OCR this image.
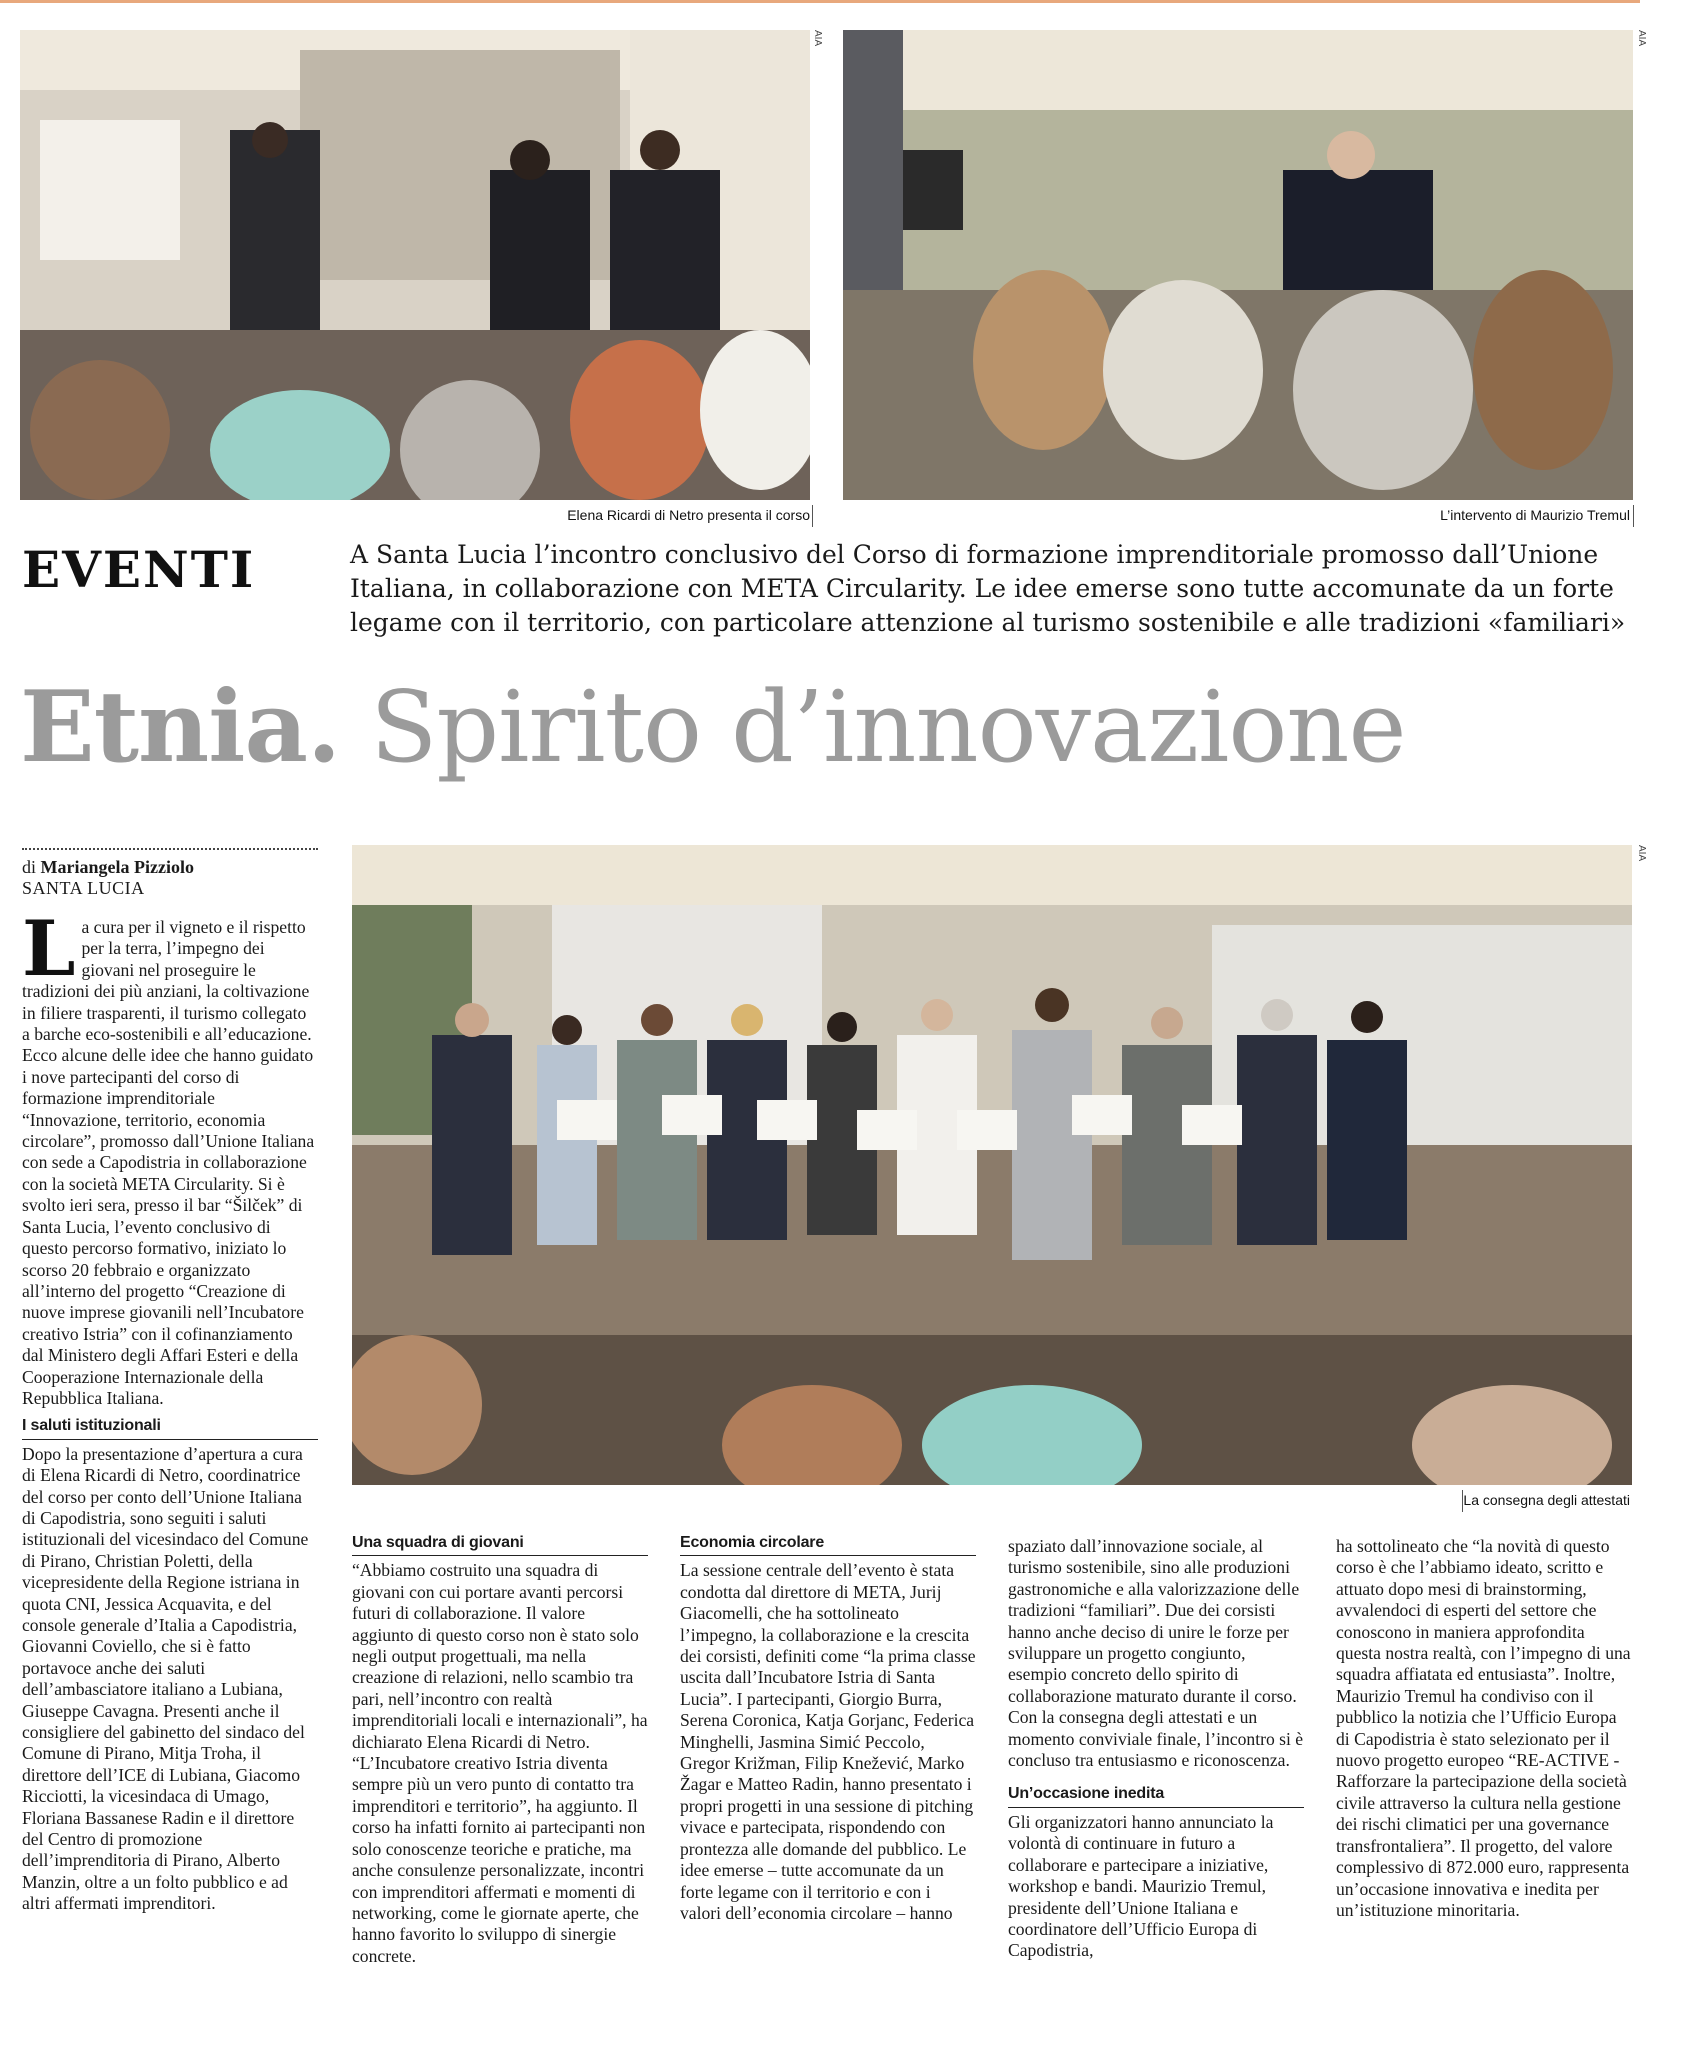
AIA
Elena Ricardi di Netro presenta il corso
AIA
L’intervento di Maurizio Tremul
EVENTI	A Santa Lucia l’incontro conclusivo del Corso di formazione imprenditoriale promosso dall’Unione Italiana, in collaborazione con META Circularity. Le idee emerse sono tutte accomunate da un forte legame con il territorio, con particolare attenzione al turismo sostenibile e alle tradizioni «familiari»
Etnia. Spirito d’innovazione
di Mariangela Pizziolo
SANTA LUCIA
AIA
La consegna degli attestati

La cura per il vigneto e il rispetto per la terra, l’impegno dei giovani nel proseguire le tradizioni dei più anziani, la coltivazione in filiere trasparenti, il turismo collegato a barche eco-sostenibili e all’educazione. Ecco alcune delle idee che hanno guidato i nove partecipanti del corso di formazione imprenditoriale “Innovazione, territorio, economia circolare”, promosso dall’Unione Italiana con sede a Capodistria in collaborazione con la società META Circularity. Si è svolto ieri sera, presso il bar “Šilček” di Santa Lucia, l’evento conclusivo di questo percorso formativo, iniziato lo scorso 20 febbraio e organizzato all’interno del progetto “Creazione di nuove imprese giovanili nell’Incubatore creativo Istria” con il cofinanziamento dal Ministero degli Affari Esteri e della Cooperazione Internazionale della Repubblica Italiana.

I saluti istituzionali

Dopo la presentazione d’apertura a cura di Elena Ricardi di Netro, coordinatrice del corso per conto dell’Unione Italiana di Capodistria, sono seguiti i saluti istituzionali del vicesindaco del Comune di Pirano, Christian Poletti, della vicepresidente della Regione istriana in quota CNI, Jessica Acquavita, e del console generale d’Italia a Capodistria, Giovanni Coviello, che si è fatto portavoce anche dei saluti dell’ambasciatore italiano a Lubiana, Giuseppe Cavagna. Presenti anche il consigliere del gabinetto del sindaco del Comune di Pirano, Mitja Troha, il direttore dell’ICE di Lubiana, Giacomo Ricciotti, la vicesindaca di Umago, Floriana Bassanese Radin e il direttore del Centro di promozione dell’imprenditoria di Pirano, Alberto Manzin, oltre a un folto pubblico e ad altri affermati imprenditori.

Una squadra di giovani

“Abbiamo costruito una squadra di giovani con cui portare avanti percorsi futuri di collaborazione. Il valore aggiunto di questo corso non è stato solo negli output progettuali, ma nella creazione di relazioni, nello scambio tra pari, nell’incontro con realtà imprenditoriali locali e internazionali”, ha dichiarato Elena Ricardi di Netro. “L’Incubatore creativo Istria diventa sempre più un vero punto di contatto tra imprenditori e territorio”, ha aggiunto. Il corso ha infatti fornito ai partecipanti non solo conoscenze teoriche e pratiche, ma anche consulenze personalizzate, incontri con imprenditori affermati e momenti di networking, come le giornate aperte, che hanno favorito lo sviluppo di sinergie concrete.

Economia circolare

La sessione centrale dell’evento è stata condotta dal direttore di META, Jurij Giacomelli, che ha sottolineato l’impegno, la collaborazione e la crescita dei corsisti, definiti come “la prima classe uscita dall’Incubatore Istria di Santa Lucia”. I partecipanti, Giorgio Burra, Serena Coronica, Katja Gorjanc, Federica Minghelli, Jasmina Simić Peccolo, Gregor Križman, Filip Knežević, Marko Žagar e Matteo Radin, hanno presentato i propri progetti in una sessione di pitching vivace e partecipata, rispondendo con prontezza alle domande del pubblico. Le idee emerse – tutte accomunate da un forte legame con il territorio e con i valori dell’economia circolare – hanno

spaziato dall’innovazione sociale, al turismo sostenibile, sino alle produzioni gastronomiche e alla valorizzazione delle tradizioni “familiari”. Due dei corsisti hanno anche deciso di unire le forze per sviluppare un progetto congiunto, esempio concreto dello spirito di collaborazione maturato durante il corso. Con la consegna degli attestati e un momento conviviale finale, l’incontro si è concluso tra entusiasmo e riconoscenza.

Un’occasione inedita

Gli organizzatori hanno annunciato la volontà di continuare in futuro a collaborare e partecipare a iniziative, workshop e bandi. Maurizio Tremul, presidente dell’Unione Italiana e coordinatore dell’Ufficio Europa di Capodistria,

ha sottolineato che “la novità di questo corso è che l’abbiamo ideato, scritto e attuato dopo mesi di brainstorming, avvalendoci di esperti del settore che conoscono in maniera approfondita questa nostra realtà, con l’impegno di una squadra affiatata ed entusiasta”. Inoltre, Maurizio Tremul ha condiviso con il pubblico la notizia che l’Ufficio Europa di Capodistria è stato selezionato per il nuovo progetto europeo “RE-ACTIVE - Rafforzare la partecipazione della società civile attraverso la cultura nella gestione dei rischi climatici per una governance transfrontaliera”. Il progetto, del valore complessivo di 872.000 euro, rappresenta un’occasione innovativa e inedita per un’istituzione minoritaria.
